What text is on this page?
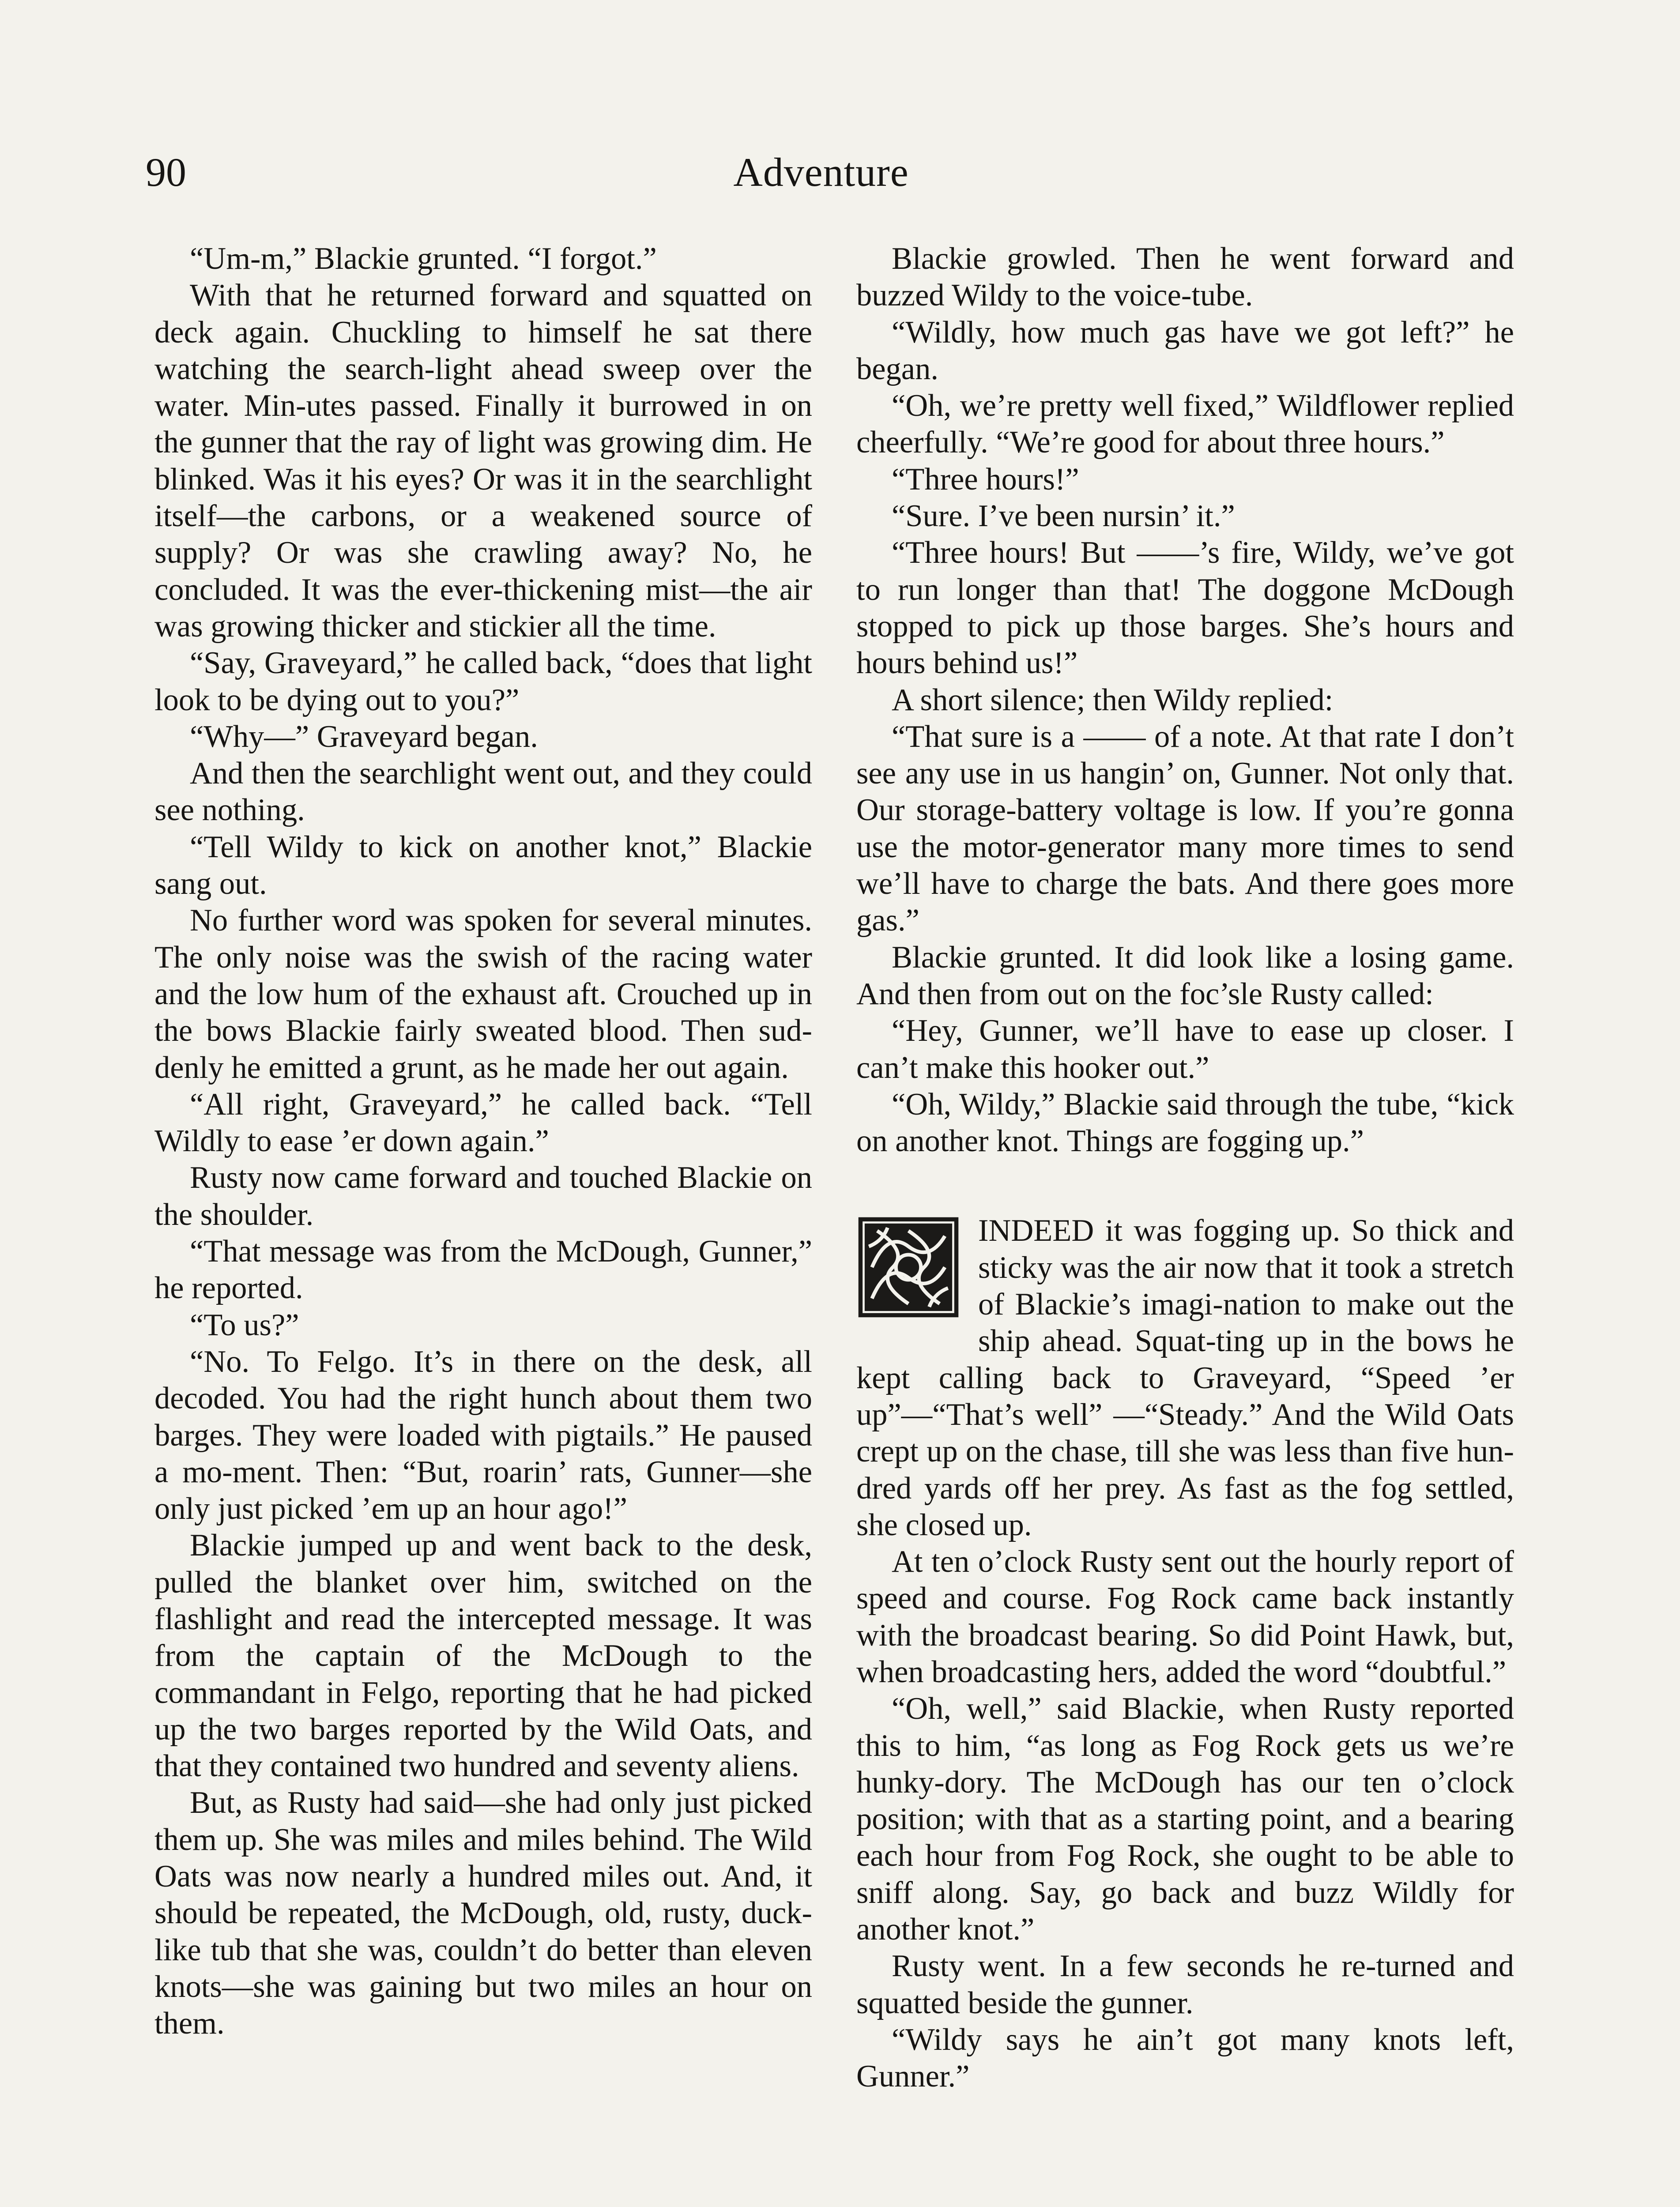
90	Adventure

“Um-m,” Blackie grunted. “I forgot.”

With that he returned forward and squatted on deck again. Chuckling to himself he sat there watching the search-light ahead sweep over the water. Min-utes passed. Finally it burrowed in on the gunner that the ray of light was growing dim. He blinked. Was it his eyes? Or was it in the searchlight itself—the carbons, or a weakened source of supply? Or was she crawling away? No, he concluded. It was the ever-thickening mist—the air was growing thicker and stickier all the time.

“Say, Graveyard,” he called back, “does that light look to be dying out to you?”

“Why—” Graveyard began.

And then the searchlight went out, and they could see nothing.

“Tell Wildy to kick on another knot,” Blackie sang out.

No further word was spoken for several minutes. The only noise was the swish of the racing water and the low hum of the exhaust aft. Crouched up in the bows Blackie fairly sweated blood. Then sud-denly he emitted a grunt, as he made her out again.

“All right, Graveyard,” he called back. “Tell Wildly to ease ’er down again.”

Rusty now came forward and touched Blackie on the shoulder.

“That message was from the McDough, Gunner,” he reported.

“To us?”

“No. To Felgo. It’s in there on the desk, all decoded. You had the right hunch about them two barges. They were loaded with pigtails.” He paused a mo-ment. Then: “But, roarin’ rats, Gunner—she only just picked ’em up an hour ago!”

Blackie jumped up and went back to the desk, pulled the blanket over him, switched on the flashlight and read the intercepted message. It was from the captain of the McDough to the commandant in Felgo, reporting that he had picked up the two barges reported by the Wild Oats, and that they contained two hundred and seventy aliens.

But, as Rusty had said—she had only just picked them up. She was miles and miles behind. The Wild Oats was now nearly a hundred miles out. And, it should be repeated, the McDough, old, rusty, duck-like tub that she was, couldn’t do better than eleven knots—she was gaining but two miles an hour on them.

Blackie growled. Then he went forward and buzzed Wildy to the voice-tube.

“Wildly, how much gas have we got left?” he began.

“Oh, we’re pretty well fixed,” Wildflower replied cheerfully. “We’re good for about three hours.”

“Three hours!”

“Sure. I’ve been nursin’ it.”

“Three hours! But ——’s fire, Wildy, we’ve got to run longer than that! The doggone McDough stopped to pick up those barges. She’s hours and hours behind us!”

A short silence; then Wildy replied:

“That sure is a —— of a note. At that rate I don’t see any use in us hangin’ on, Gunner. Not only that. Our storage-battery voltage is low. If you’re gonna use the motor-generator many more times to send we’ll have to charge the bats. And there goes more gas.”

Blackie grunted. It did look like a losing game. And then from out on the foc’sle Rusty called:

“Hey, Gunner, we’ll have to ease up closer. I can’t make this hooker out.”

“Oh, Wildy,” Blackie said through the tube, “kick on another knot. Things are fogging up.”

INDEED it was fogging up. So thick and sticky was the air now that it took a stretch of Blackie’s imagi-nation to make out the ship ahead. Squat-ting up in the bows he kept calling back to Graveyard, “Speed ’er up”—“That’s well” —“Steady.” And the Wild Oats crept up on the chase, till she was less than five hun-dred yards off her prey. As fast as the fog settled, she closed up.

At ten o’clock Rusty sent out the hourly report of speed and course. Fog Rock came back instantly with the broadcast bearing. So did Point Hawk, but, when broadcasting hers, added the word “doubtful.”

“Oh, well,” said Blackie, when Rusty reported this to him, “as long as Fog Rock gets us we’re hunky-dory. The McDough has our ten o’clock position; with that as a starting point, and a bearing each hour from Fog Rock, she ought to be able to sniff along. Say, go back and buzz Wildly for another knot.”

Rusty went. In a few seconds he re-turned and squatted beside the gunner.

“Wildy says he ain’t got many knots left, Gunner.”
